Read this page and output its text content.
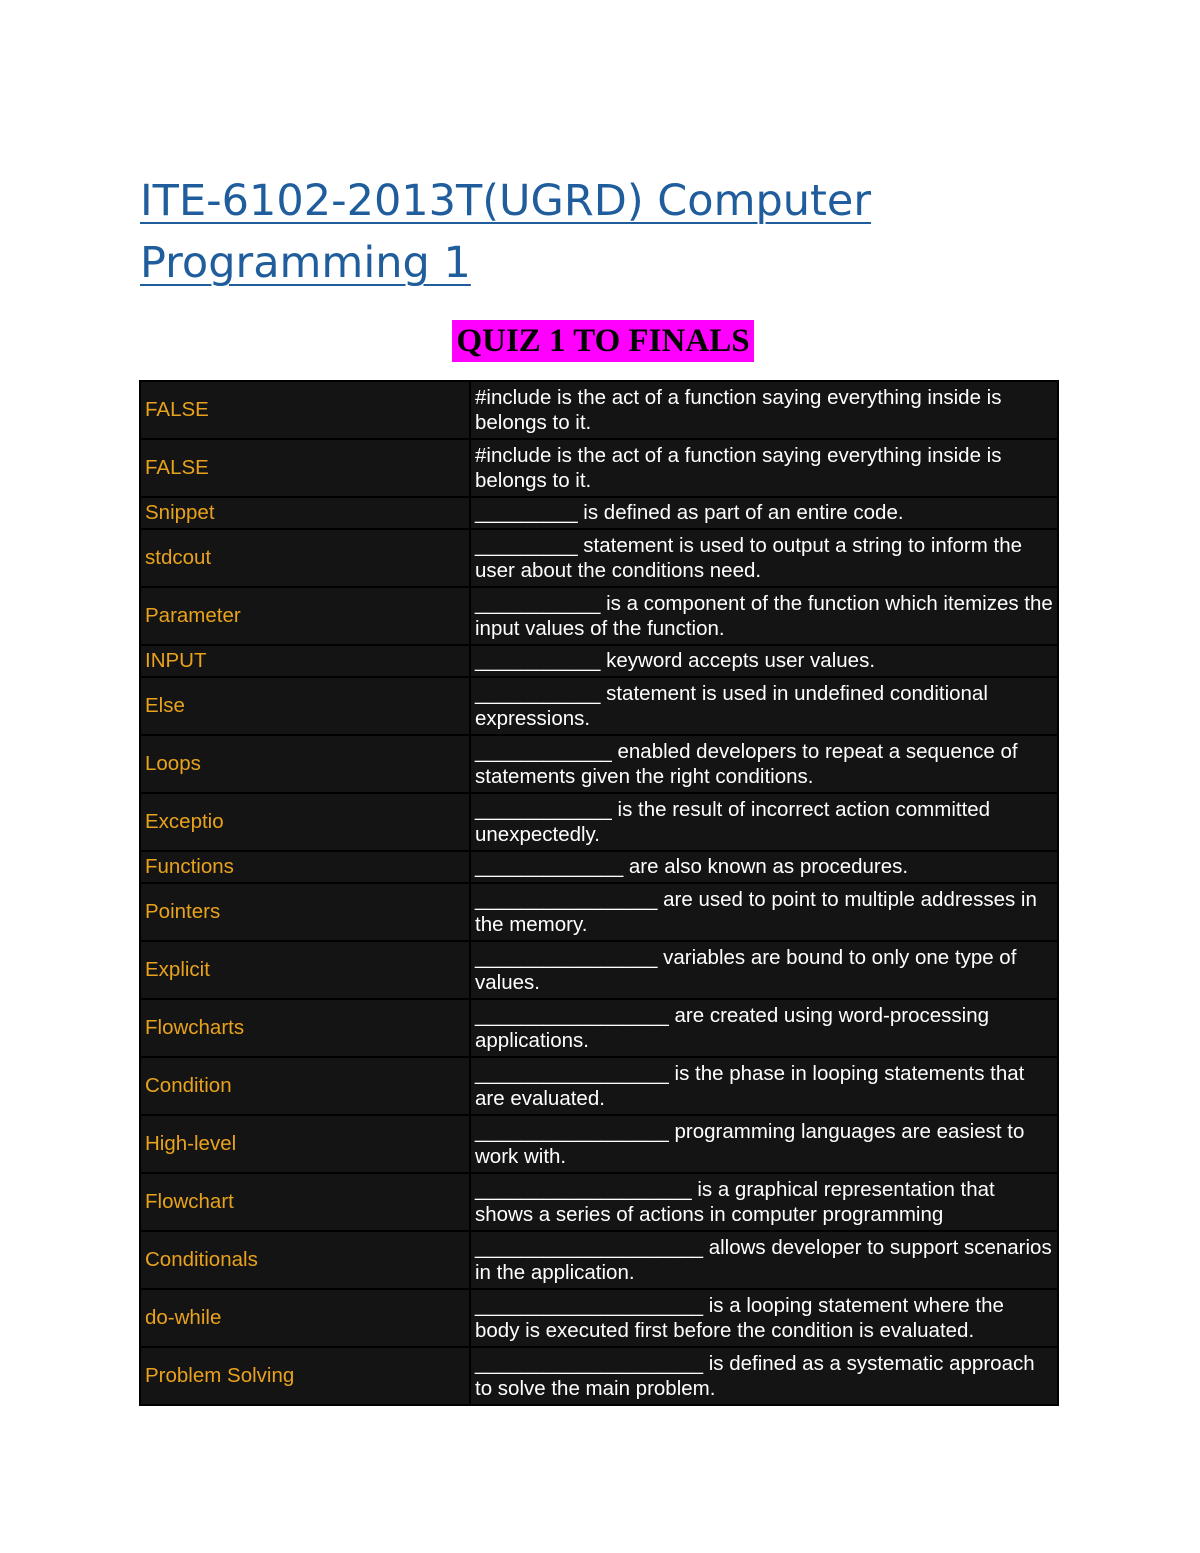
ITE-6102-2013T(UGRD) Computer Programming 1
QUIZ 1 TO FINALS
FALSE	#include is the act of a function saying everything inside is belongs to it.
FALSE	#include is the act of a function saying everything inside is belongs to it.
Snippet	_________ is defined as part of an entire code.
stdcout	_________ statement is used to output a string to inform the user about the conditions need.
Parameter	___________ is a component of the function which itemizes the input values of the function.
INPUT	___________ keyword accepts user values.
Else	___________ statement is used in undefined conditional expressions.
Loops	____________ enabled developers to repeat a sequence of statements given the right conditions.
Exceptio	____________ is the result of incorrect action committed unexpectedly.
Functions	_____________ are also known as procedures.
Pointers	________________ are used to point to multiple addresses in the memory.
Explicit	________________ variables are bound to only one type of values.
Flowcharts	_________________ are created using word-processing applications.
Condition	_________________ is the phase in looping statements that are evaluated.
High-level	_________________ programming languages are easiest to work with.
Flowchart	___________________ is a graphical representation that shows a series of actions in computer programming
Conditionals	____________________ allows developer to support scenarios in the application.
do-while	____________________ is a looping statement where the body is executed first before the condition is evaluated.
Problem Solving	____________________ is defined as a systematic approach to solve the main problem.
